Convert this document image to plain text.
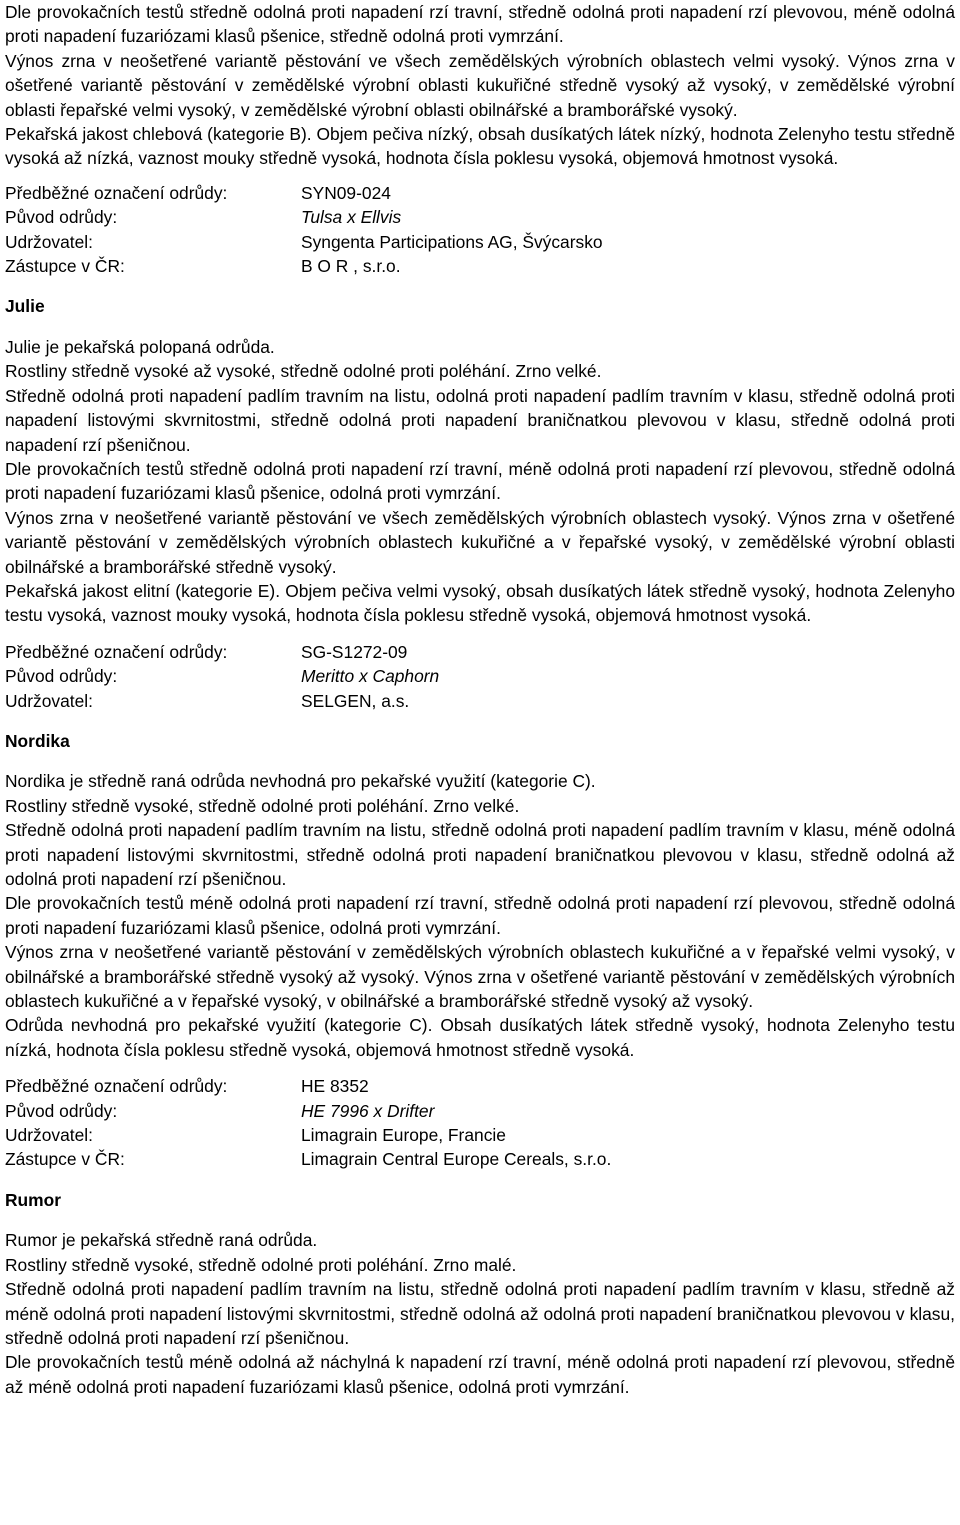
Dle provokačních testů středně odolná proti napadení rzí travní, středně odolná proti napadení rzí plevovou, méně odolná proti napadení fuzariózami klasů pšenice, středně odolná proti vymrzání.

Výnos zrna v neošetřené variantě pěstování ve všech zemědělských výrobních oblastech velmi vysoký. Výnos zrna v ošetřené variantě pěstování v zemědělské výrobní oblasti kukuřičné středně vysoký až vysoký, v zemědělské výrobní oblasti řepařské velmi vysoký, v zemědělské výrobní oblasti obilnářské a bramborářské vysoký.

Pekařská jakost chlebová (kategorie B). Objem pečiva nízký, obsah dusíkatých látek nízký, hodnota Zelenyho testu středně vysoká až nízká, vaznost mouky středně vysoká, hodnota čísla poklesu vysoká, objemová hmotnost vysoká.

Předběžné označení odrůdy:	SYN09-024
Původ odrůdy:	Tulsa x Ellvis
Udržovatel:	Syngenta Participations AG, Švýcarsko
Zástupce v ČR:	B O R , s.r.o.
Julie

Julie je pekařská polораná odrůda.

Rostliny středně vysoké až vysoké, středně odolné proti poléhání. Zrno velké.

Středně odolná proti napadení padlím travním na listu, odolná proti napadení padlím travním v klasu, středně odolná proti napadení listovými skvrnitostmi, středně odolná proti napadení braničnatkou plevovou v klasu, středně odolná proti napadení rzí pšeničnou.

Dle provokačních testů středně odolná proti napadení rzí travní, méně odolná proti napadení rzí plevovou, středně odolná proti napadení fuzariózami klasů pšenice, odolná proti vymrzání.

Výnos zrna v neošetřené variantě pěstování ve všech zemědělských výrobních oblastech vysoký. Výnos zrna v ošetřené variantě pěstování v zemědělských výrobních oblastech kukuřičné a v řepařské vysoký, v zemědělské výrobní oblasti obilnářské a bramborářské středně vysoký.

Pekařská jakost elitní (kategorie E). Objem pečiva velmi vysoký, obsah dusíkatých látek středně vysoký, hodnota Zelenyho testu vysoká, vaznost mouky vysoká, hodnota čísla poklesu středně vysoká, objemová hmotnost vysoká.

Předběžné označení odrůdy:	SG-S1272-09
Původ odrůdy:	Meritto x Caphorn
Udržovatel:	SELGEN, a.s.
Nordika

Nordika je středně raná odrůda nevhodná pro pekařské využití (kategorie C).

Rostliny středně vysoké, středně odolné proti poléhání. Zrno velké.

Středně odolná proti napadení padlím travním na listu, středně odolná proti napadení padlím travním v klasu, méně odolná proti napadení listovými skvrnitostmi, středně odolná proti napadení braničnatkou plevovou v klasu, středně odolná až odolná proti napadení rzí pšeničnou.

Dle provokačních testů méně odolná proti napadení rzí travní, středně odolná proti napadení rzí plevovou, středně odolná proti napadení fuzariózami klasů pšenice, odolná proti vymrzání.

Výnos zrna v neošetřené variantě pěstování v zemědělských výrobních oblastech kukuřičné a v řepařské velmi vysoký, v obilnářské a bramborářské středně vysoký až vysoký. Výnos zrna v ošetřené variantě pěstování v zemědělských výrobních oblastech kukuřičné a v řepařské vysoký, v obilnářské a bramborářské středně vysoký až vysoký.

Odrůda nevhodná pro pekařské využití (kategorie C). Obsah dusíkatých látek středně vysoký, hodnota Zelenyho testu nízká, hodnota čísla poklesu středně vysoká, objemová hmotnost středně vysoká.

Předběžné označení odrůdy:	HE 8352
Původ odrůdy:	HE 7996 x Drifter
Udržovatel:	Limagrain Europe, Francie
Zástupce v ČR:	Limagrain Central Europe Cereals, s.r.o.
Rumor

Rumor je pekařská středně raná odrůda.

Rostliny středně vysoké, středně odolné proti poléhání. Zrno malé.

Středně odolná proti napadení padlím travním na listu, středně odolná proti napadení padlím travním v klasu, středně až méně odolná proti napadení listovými skvrnitostmi, středně odolná až odolná proti napadení braničnatkou plevovou v klasu, středně odolná proti napadení rzí pšeničnou.

Dle provokačních testů méně odolná až náchylná k napadení rzí travní, méně odolná proti napadení rzí plevovou, středně až méně odolná proti napadení fuzariózami klasů pšenice, odolná proti vymrzání.
